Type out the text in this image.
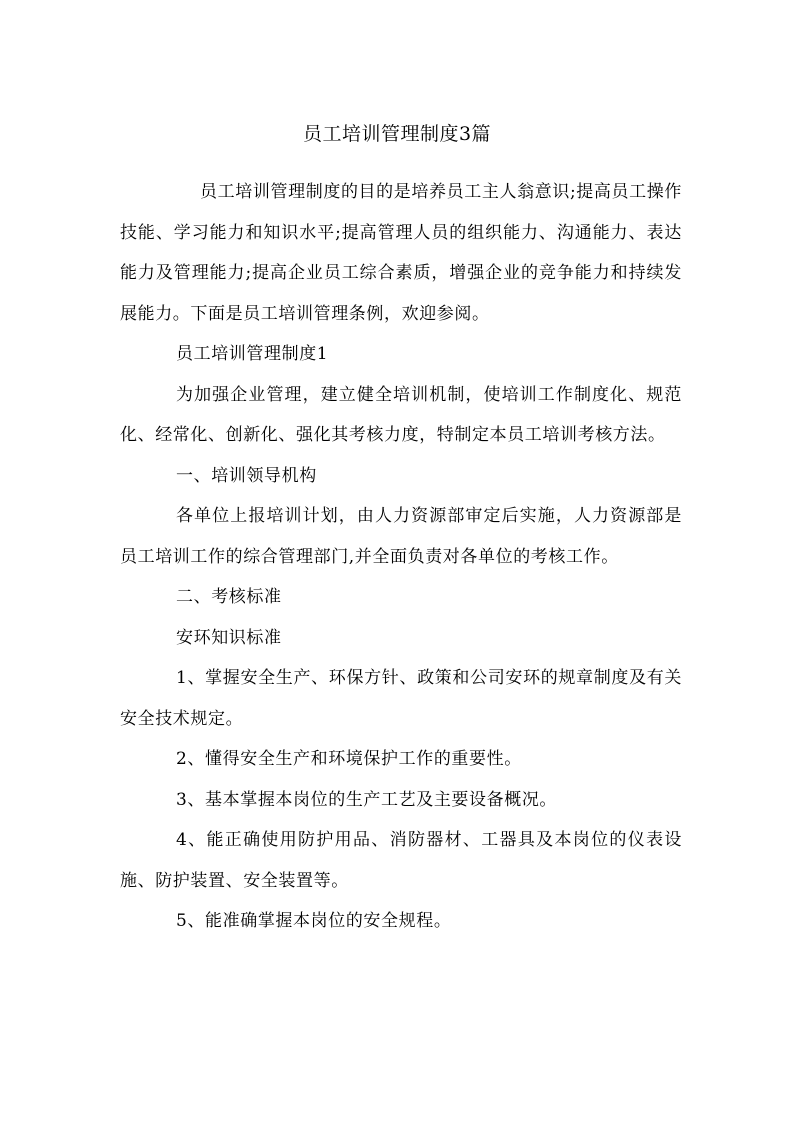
员工培训管理制度3篇

员工培训管理制度的目的是培养员工主人翁意识;提高员工操作技能、学习能力和知识水平;提高管理人员的组织能力、沟通能力、表达能力及管理能力;提高企业员工综合素质，增强企业的竞争能力和持续发展能力。下面是员工培训管理条例，欢迎参阅。

员工培训管理制度1

为加强企业管理，建立健全培训机制，使培训工作制度化、规范化、经常化、创新化、强化其考核力度，特制定本员工培训考核方法。

一、培训领导机构

各单位上报培训计划，由人力资源部审定后实施，人力资源部是员工培训工作的综合管理部门,并全面负责对各单位的考核工作。

二、考核标准

安环知识标准

1、掌握安全生产、环保方针、政策和公司安环的规章制度及有关安全技术规定。

2、懂得安全生产和环境保护工作的重要性。

3、基本掌握本岗位的生产工艺及主要设备概况。

4、能正确使用防护用品、消防器材、工器具及本岗位的仪表设施、防护装置、安全装置等。

5、能准确掌握本岗位的安全规程。
